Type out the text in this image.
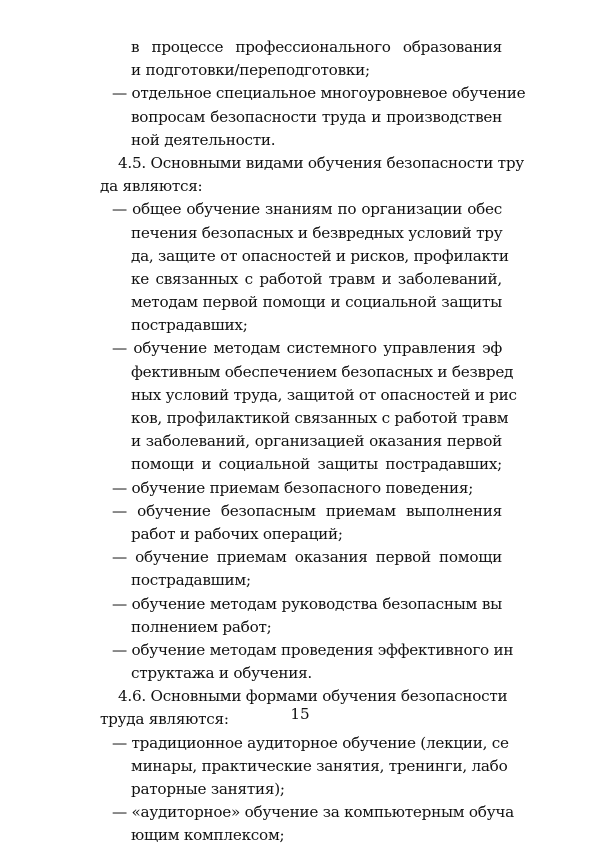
в процессе профессионального образования
и подготовки/переподготовки;
— отдельное специальное многоуровневое обучение
вопросам безопасности труда и производствен
ной деятельности.
4.5. Основными видами обучения безопасности тру
да являются:
— общее обучение знаниям по организации обес
печения безопасных и безвредных условий тру
да, защите от опасностей и рисков, профилакти
ке связанных с работой травм и заболеваний,
методам первой помощи и социальной защиты
пострадавших;
— обучение методам системного управления эф
фективным обеспечением безопасных и безвред
ных условий труда, защитой от опасностей и рис
ков, профилактикой связанных с работой травм
и заболеваний, организацией оказания первой
помощи и социальной защиты пострадавших;
— обучение приемам безопасного поведения;
— обучение безопасным приемам выполнения
работ и рабочих операций;
— обучение приемам оказания первой помощи
пострадавшим;
— обучение методам руководства безопасным вы
полнением работ;
— обучение методам проведения эффективного ин
структажа и обучения.
4.6. Основными формами обучения безопасности
труда являются:
— традиционное аудиторное обучение (лекции, се
минары, практические занятия, тренинги, лабо
раторные занятия);
— «аудиторное» обучение за компьютерным обуча
ющим комплексом;
15
